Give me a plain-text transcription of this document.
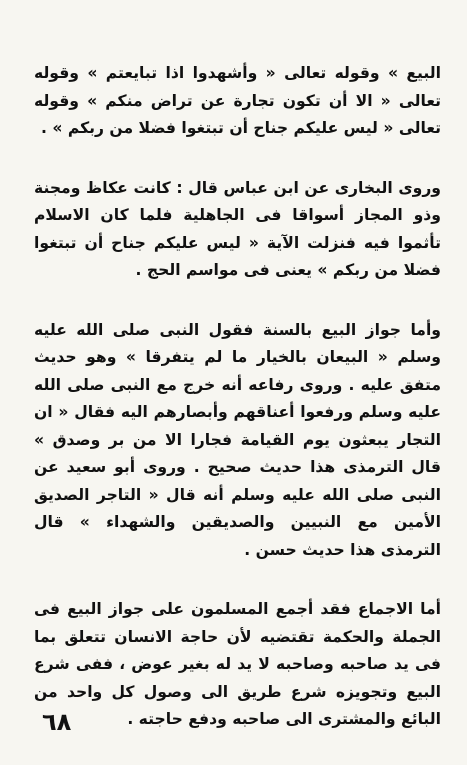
البيع » وقوله تعالى « وأشهدوا اذا تبايعتم » وقوله تعالى « الا أن تكون تجارة عن تراض منكم » وقوله تعالى « ليس عليكم جناح أن تبتغوا فضلا من ربكم » .

وروى البخارى عن ابن عباس قال : كانت عكاظ ومجنة وذو المجاز أسواقا فى الجاهلية فلما كان الاسلام تأثموا فيه فنزلت الآية « ليس عليكم جناح أن تبتغوا فضلا من ربكم » يعنى فى مواسم الحج .

وأما جواز البيع بالسنة فقول النبى صلى الله عليه وسلم « البيعان بالخيار ما لم يتفرقا » وهو حديث متفق عليه . وروى رفاعه أنه خرج مع النبى صلى الله عليه وسلم ورفعوا أعناقهم وأبصارهم اليه فقال « ان التجار يبعثون يوم القيامة فجارا الا من بر وصدق » قال الترمذى هذا حديث صحيح . وروى أبو سعيد عن النبى صلى الله عليه وسلم أنه قال « التاجر الصديق الأمين مع النبيين والصديقين والشهداء » قال الترمذى هذا حديث حسن .

أما الاجماع فقد أجمع المسلمون على جواز البيع فى الجملة والحكمة تقتضيه لأن حاجة الانسان تتعلق بما فى يد صاحبه وصاحبه لا يد له بغير عوض ، ففى شرع البيع وتجويزه شرع طريق الى وصول كل واحد من البائع والمشترى الى صاحبه ودفع حاجته .

٦٨
